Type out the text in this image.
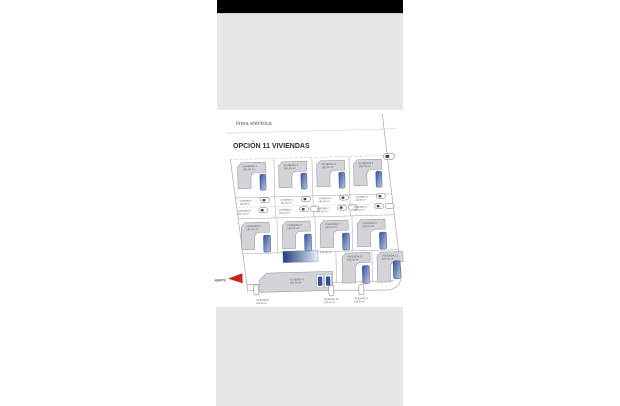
línea eléctrica
OPCIÓN 11 VIVIENDAS
NORTE
VIVIENDA 1
150.00 m²
VIVIENDA 2
150.00 m²
VIVIENDA 3
150.00 m²
VIVIENDA 4
150.00 m²
VIVIENDA 5
150.00 m²
VIVIENDA 6
150.00 m²
VIVIENDA 7
150.00 m²
VIVIENDA 8
150.00 m²
VIVIENDA 9
150.00 m²
VIVIENDA 10
150.00 m²
VIVIENDA 11
150.00 m²
150.00 m²
VIVIENDA 1
150.00 m²
VIVIENDA 2
150.00 m²
VIVIENDA 3
150.00 m²
VIVIENDA 4
150.00 m²
VIVIENDA 5
150.00 m²
VIVIENDA 6
150.00 m²
VIVIENDA 7
150.00 m²
VIVIENDA 8
150.00 m²
VIVIENDA 9
150.00 m²
VIVIENDA 10
150.00 m²
VIVIENDA 11
150.00 m²
